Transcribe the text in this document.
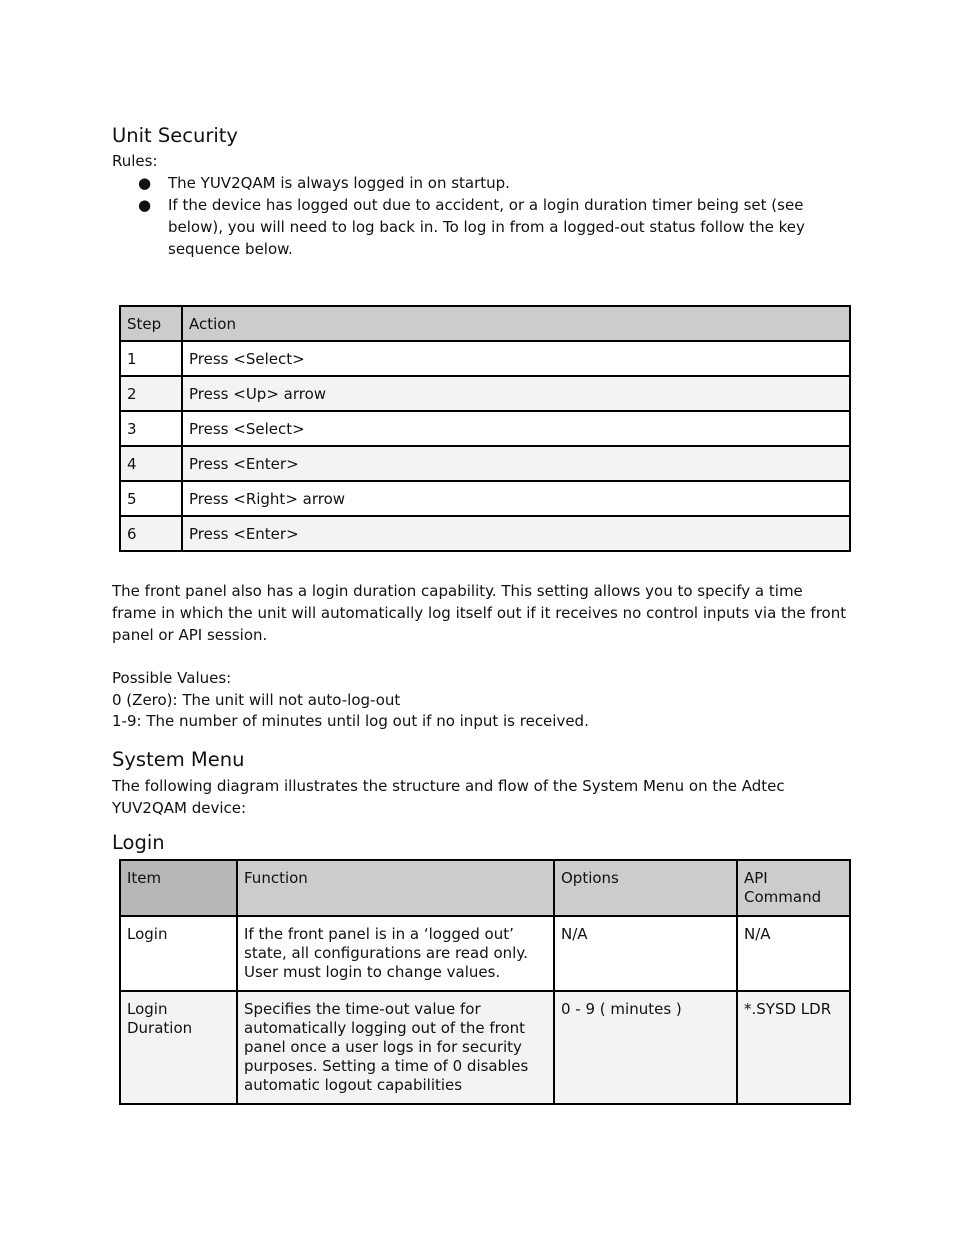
Unit Security

Rules:

● The YUV2QAM is always logged in on startup.
● If the device has logged out due to accident, or a login duration timer being set (see below), you will need to log back in. To log in from a logged-out status follow the key sequence below.
Step	Action
1	Press <Select>
2	Press <Up> arrow
3	Press <Select>
4	Press <Enter>
5	Press <Right> arrow
6	Press <Enter>

The front panel also has a login duration capability. This setting allows you to specify a time frame in which the unit will automatically log itself out if it receives no control inputs via the front panel or API session.

Possible Values:

0 (Zero): The unit will not auto-log-out

1-9: The number of minutes until log out if no input is received.

System Menu

The following diagram illustrates the structure and flow of the System Menu on the Adtec YUV2QAM device:

Login
Item	Function	Options	API Command
Login	If the front panel is in a ‘logged out’ state, all configurations are read only. User must login to change values.	N/A	N/A
Login Duration	Specifies the time-out value for automatically logging out of the front panel once a user logs in for security purposes. Setting a time of 0 disables automatic logout capabilities	0 - 9 ( minutes )	*.SYSD LDR
